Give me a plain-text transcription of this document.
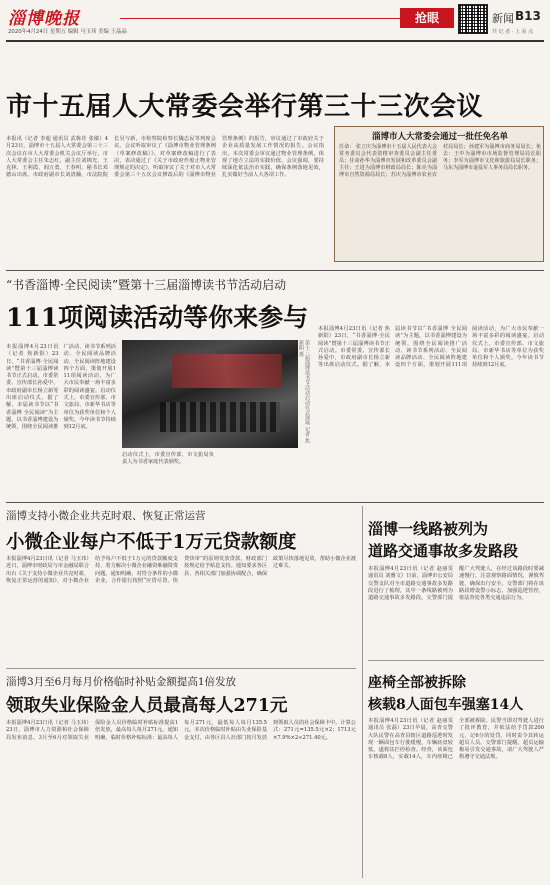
淄博晚报
2020年4月24日 星期五 编辑 马玉玮 美编 王晶晶
抢眼	新闻 B13
共 记 者 · 上 看 点
市十五届人大常委会举行第三十三次会议
本报讯（记者 李超 通讯员 武栋佳 张敏）4月23日，淄博市十五届人大常委会第三十三次会议在市人大常委会机关会议厅举行。市人大常委会主任朱志红，副主任刘锦光、王克林、王利霞、阎万勇、王春明，秘书长邓德山出席。市政府副市长刘清瀚，市法院院长吴与新，市检察院检察长魏志民等列席会议。会议听取审议了《淄博市物业管理条例（草案修改稿）》，对草案修改稿进行了表决，表决通过了《关于市政府作废止物业管理规定的决定》，听取审议了关于对市人大常委会第三十五次会议修改后的《淄博市物业管理条例》的报告，审议通过了市政府关于企业高质量发展工作情况的报告。会议指出，本次常委会审议通过物业管理条例，体现了地方立法的实践价值。会议强调，要持续深化依法治市实践，确保条例落地见效，扎实做好当前人大各项工作。
淄博市人大常委会通过一批任免名单
任命： 张立庆为淄博市十五届人民代表大会常务委员会代表资格审查委员会副主任委员；任命孙华为淄博市发展和改革委员会副主任；王进为淄博市财政局局长；陈亮为淄博市自然资源局局长；苏庆为淄博市农业农村局局长；孙建军为淄博市商务局局长；免去：王中为淄博市市场监督管理局局长职务；李军为淄博市文化和旅游局局长职务；马东为淄博市退役军人事务局局长职务。
“书香淄博·全民阅读”暨第十三届淄博读书节活动启动
111项阅读活动等你来参与
本报淄博4月23日讯（记者 焦新阳）23日，“书香淄博·全民阅读”暨第十三届淄博读书节正式启动。市委常委、宣传部长孙爱中，市政府副市长杨立新等出席启动仪式。据了解，本届读书节以“书香淄博 全民阅读”为主题，以书香淄博建设为统领，围绕全民阅读推广活动、读书节系列活动、全民阅读品牌活动、全民阅读阵地建设四个方面，策划开展111项阅读活动，为广大市民奉献一场丰富多彩的阅读盛宴。启动仪式上，市委宣传部、市文旅局、市新华书店等单位为获奖单位和个人颁奖。今年读书节持续到12月底。	第十三届淄博读书节活动启动仪式现场 记者 焦新阳 摄
启动仪式上，市委宣传部、市文旅局负责人为书香家庭代表颁奖。
本报淄博4月23日讯（记者 焦新阳）23日，“书香淄博·全民阅读”暨第十三届淄博读书节正式启动。市委常委、宣传部长孙爱中，市政府副市长杨立新等出席启动仪式。据了解，本届读书节以“书香淄博 全民阅读”为主题，以书香淄博建设为统领，围绕全民阅读推广活动、读书节系列活动、全民阅读品牌活动、全民阅读阵地建设四个方面，策划开展111项阅读活动，为广大市民奉献一场丰富多彩的阅读盛宴。启动仪式上，市委宣传部、市文旅局、市新华书店等单位为获奖单位和个人颁奖。今年读书节持续到12月底。
淄博支持小微企业共克时艰、恢复正常运营
小微企业每户不低于1万元贷款额度
本报淄博4月23日讯（记者 马玉玮）近日，淄博市财政局与市金融局联合出台《关于支持小微企业共克时艰、恢复正常运营的通知》，对小微企业给予每户不低于1万元的贷款额度支持，着力解决小微企业融资难融资贵问题。通知明确，对符合条件的小微企业，合作银行按照“应贷尽贷、快贷快审”的原则发放贷款，财政部门按规定给予贴息支持。通知要求各区县、各相关部门加强协调配合，确保政策尽快落地见效，帮助小微企业渡过难关。
淄博一线路被列为
道路交通事故多发路段
本报淄博4月23日讯（记者 赵丽雯 通讯员 刘雅文）日前，淄博市公安局交警支队对全市道路交通事故多发路段进行了梳理，其中一条线路被列为道路交通事故多发路段。交警部门提醒广大驾驶人，在经过该路段时要减速慢行，注意观察路面情况，谨慎驾驶，确保出行安全。交警部门将在该路段增设警示标志，加强巡逻管控，依法查处各类交通违法行为。
淄博3月至6月每月价格临时补贴金额提高1倍发放
领取失业保险金人员最高每人271元
本报淄博4月23日讯（记者 马玉玮）23日，淄博市人力资源和社会保障局发布消息，3月至6月对领取失业保险金人员价格临时补贴标准提高1倍发放，最高每人每月271元。通知明确，临时价格补贴标准：最高每人每月271元，最低每人每月135.5元。本次价格临时补贴由失业保险基金支付，由各区县人社部门按月发放到领取人员的社会保障卡中。计算公式：271元=135.5元×2；1713元×7.9%×2≈271.40元。
座椅全部被拆除
核载8人面包车强塞14人
本报淄博4月23日讯（记者 赵丽雯 通讯员 张磊）23日早晨，高青交警大队民警在高青县辖区道路巡逻时发现一辆面包车行驶缓慢，车辆底盘较低，遂将其拦停检查。经查，该面包车核载8人，实载14人，车内座椅已全部被拆除。民警当即对驾驶人进行了批评教育，并依法给予罚款200元，记6分的处罚，同时责令其转运超员人员。交警部门提醒，超员运输极易引发交通事故，请广大驾驶人严格遵守交通法规。
